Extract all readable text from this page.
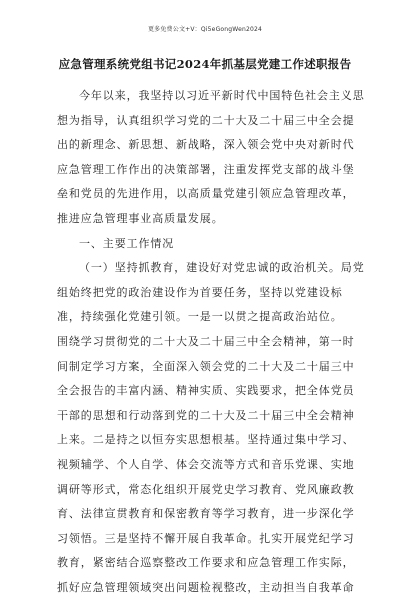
更多免费公文+V：Qi5eGongWen2024
应急管理系统党组书记2024年抓基层党建工作述职报告
今年以来，我坚持以习近平新时代中国特色社会主义思
想为指导，认真组织学习党的二十大及二十届三中全会提
出的新理念、新思想、新战略，深入领会党中央对新时代
应急管理工作作出的决策部署，注重发挥党支部的战斗堡
垒和党员的先进作用，以高质量党建引领应急管理改革，
推进应急管理事业高质量发展。
一、主要工作情况
（一）坚持抓教育，建设好对党忠诚的政治机关。局党
组始终把党的政治建设作为首要任务，坚持以党建设标
准，持续强化党建引领。一是一以贯之提高政治站位。
围绕学习贯彻党的二十大及二十届三中全会精神，第一时
间制定学习方案，全面深入领会党的二十大及二十届三中
全会报告的丰富内涵、精神实质、实践要求，把全体党员
干部的思想和行动落到党的二十大及二十届三中全会精神
上来。二是持之以恒夯实思想根基。坚持通过集中学习、
视频辅学、个人自学、体会交流等方式和音乐党课、实地
调研等形式，常态化组织开展党史学习教育、党风廉政教
育、法律宣贯教育和保密教育等学习教育，进一步深化学
习领悟。三是坚持不懈开展自我革命。扎实开展党纪学习
教育，紧密结合巡察整改工作要求和应急管理工作实际，
抓好应急管理领域突出问题检视整改，主动担当自我革命
